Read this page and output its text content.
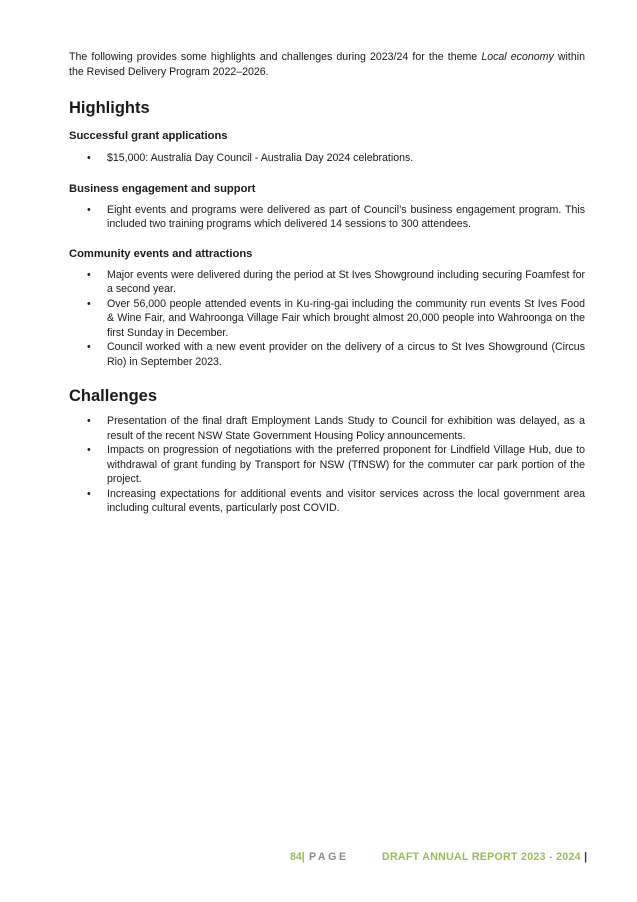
The following provides some highlights and challenges during 2023/24 for the theme Local economy within the Revised Delivery Program 2022–2026.

Highlights
Successful grant applications
• $15,000: Australia Day Council - Australia Day 2024 celebrations.
Business engagement and support
• Eight events and programs were delivered as part of Council’s business engagement program. This included two training programs which delivered 14 sessions to 300 attendees.
Community events and attractions
• Major events were delivered during the period at St Ives Showground including securing Foamfest for a second year.
• Over 56,000 people attended events in Ku-ring-gai including the community run events St Ives Food & Wine Fair, and Wahroonga Village Fair which brought almost 20,000 people into Wahroonga on the first Sunday in December.
• Council worked with a new event provider on the delivery of a circus to St Ives Showground (Circus Rio) in September 2023.
Challenges
• Presentation of the final draft Employment Lands Study to Council for exhibition was delayed, as a result of the recent NSW State Government Housing Policy announcements.
• Impacts on progression of negotiations with the preferred proponent for Lindfield Village Hub, due to withdrawal of grant funding by Transport for NSW (TfNSW) for the commuter car park portion of the project.
• Increasing expectations for additional events and visitor services across the local government area including cultural events, particularly post COVID.
84| PAGE	DRAFT ANNUAL REPORT 2023 - 2024 |
